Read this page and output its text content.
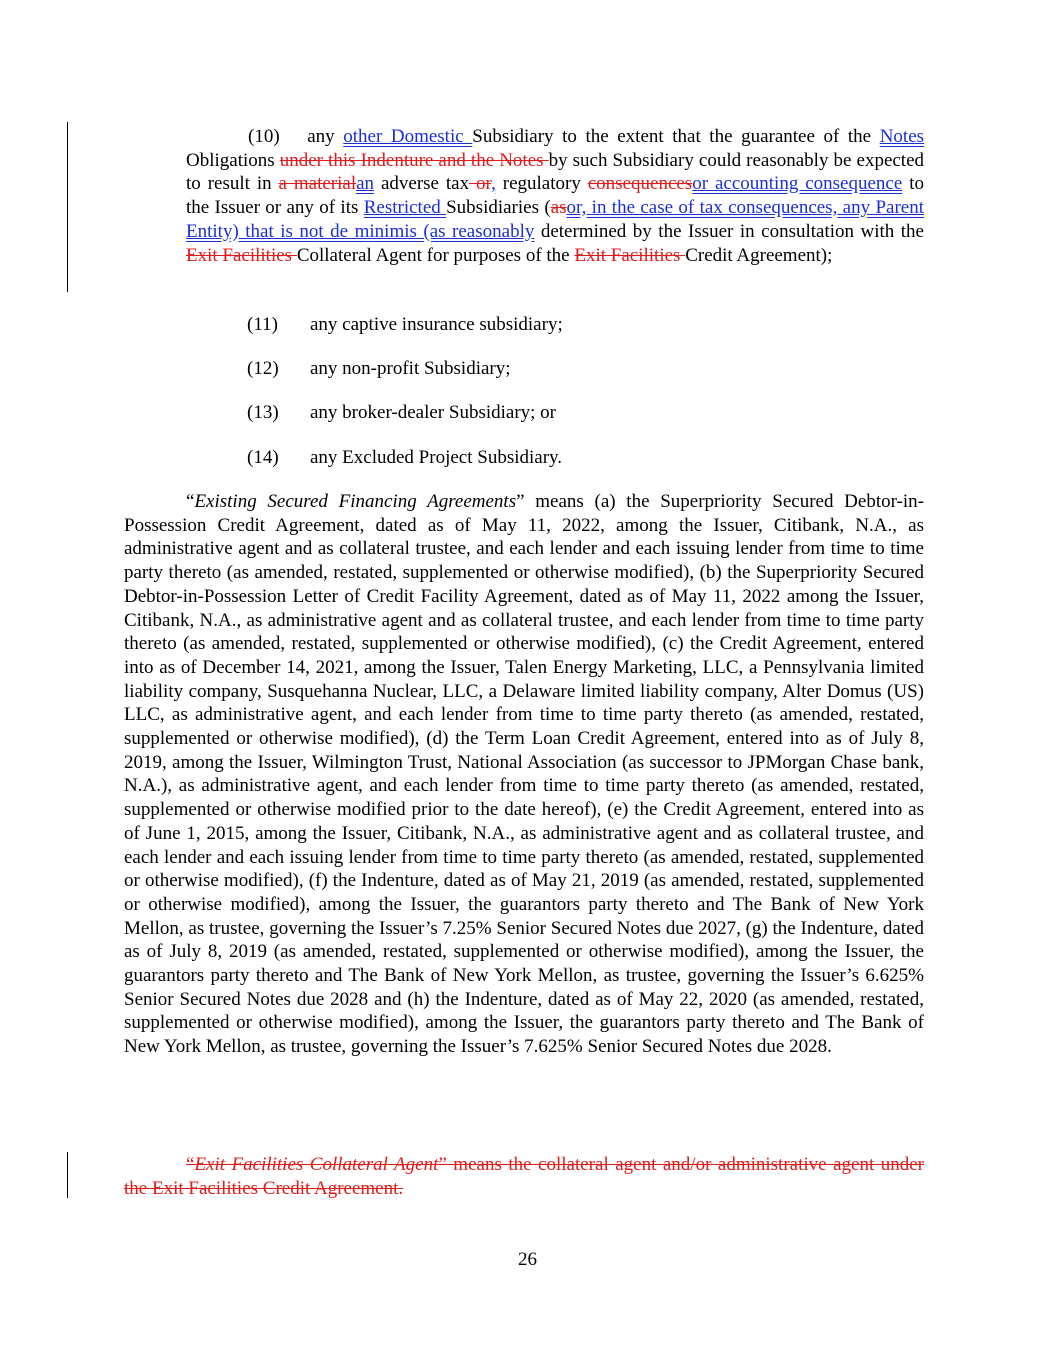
(10)  any other Domestic Subsidiary to the extent that the guarantee of the Notes Obligations under this Indenture and the Notes by such Subsidiary could reasonably be expected to result in a materialan adverse tax or, regulatory consequencesor accounting consequence to the Issuer or any of its Restricted Subsidiaries (asor, in the case of tax consequences, any Parent Entity) that is not de minimis (as reasonably determined by the Issuer in consultation with the Exit Facilities Collateral Agent for purposes of the Exit Facilities Credit Agreement);
(11) any captive insurance subsidiary;
(12) any non-profit Subsidiary;
(13) any broker-dealer Subsidiary; or
(14) any Excluded Project Subsidiary.
“Existing Secured Financing Agreements” means (a) the Superpriority Secured Debtor-in-Possession Credit Agreement, dated as of May 11, 2022, among the Issuer, Citibank, N.A., as administrative agent and as collateral trustee, and each lender and each issuing lender from time to time party thereto (as amended, restated, supplemented or otherwise modified), (b) the Superpriority Secured Debtor-in-Possession Letter of Credit Facility Agreement, dated as of May 11, 2022 among the Issuer, Citibank, N.A., as administrative agent and as collateral trustee, and each lender from time to time party thereto (as amended, restated, supplemented or otherwise modified), (c) the Credit Agreement, entered into as of December 14, 2021, among the Issuer, Talen Energy Marketing, LLC, a Pennsylvania limited liability company, Susquehanna Nuclear, LLC, a Delaware limited liability company, Alter Domus (US) LLC, as administrative agent, and each lender from time to time party thereto (as amended, restated, supplemented or otherwise modified), (d) the Term Loan Credit Agreement, entered into as of July 8, 2019, among the Issuer, Wilmington Trust, National Association (as successor to JPMorgan Chase bank, N.A.), as administrative agent, and each lender from time to time party thereto (as amended, restated, supplemented or otherwise modified prior to the date hereof), (e) the Credit Agreement, entered into as of June 1, 2015, among the Issuer, Citibank, N.A., as administrative agent and as collateral trustee, and each lender and each issuing lender from time to time party thereto (as amended, restated, supplemented or otherwise modified), (f) the Indenture, dated as of May 21, 2019 (as amended, restated, supplemented or otherwise modified), among the Issuer, the guarantors party thereto and The Bank of New York Mellon, as trustee, governing the Issuer’s 7.25% Senior Secured Notes due 2027, (g) the Indenture, dated as of July 8, 2019 (as amended, restated, supplemented or otherwise modified), among the Issuer, the guarantors party thereto and The Bank of New York Mellon, as trustee, governing the Issuer’s 6.625% Senior Secured Notes due 2028 and (h) the Indenture, dated as of May 22, 2020 (as amended, restated, supplemented or otherwise modified), among the Issuer, the guarantors party thereto and The Bank of New York Mellon, as trustee, governing the Issuer’s 7.625% Senior Secured Notes due 2028.
“Exit Facilities Collateral Agent” means the collateral agent and/or administrative agent under the Exit Facilities Credit Agreement.
26
